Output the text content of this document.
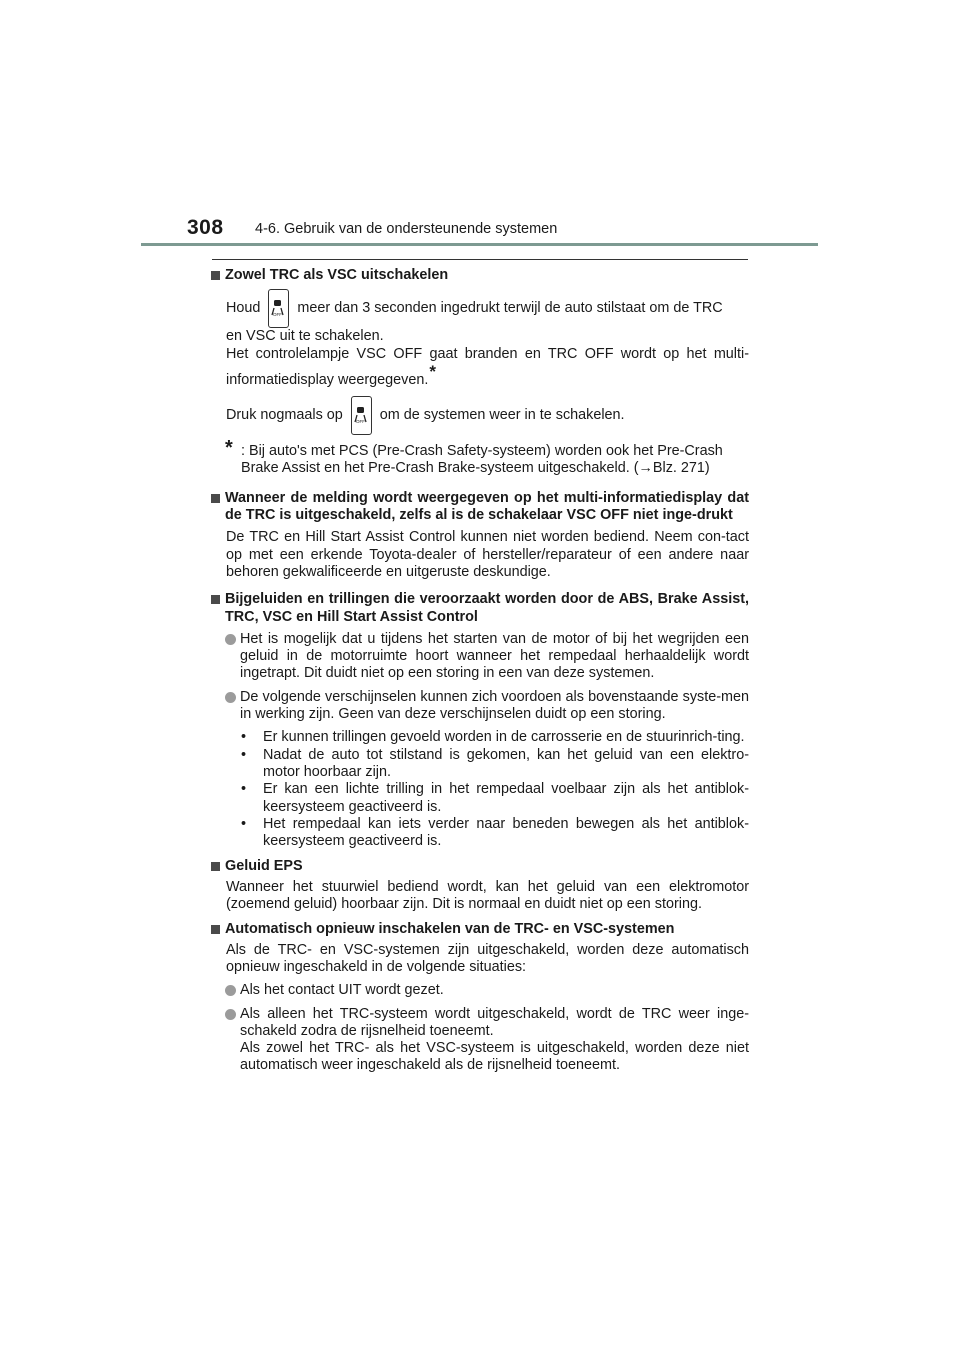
308 4-6. Gebruik van de ondersteunende systemen
Zowel TRC als VSC uitschakelen
Houd	OFF meer dan 3 seconden ingedrukt terwijl de auto stilstaat om de TRC
en VSC uit te schakelen.
Het controlelampje VSC OFF gaat branden en TRC OFF wordt op het multi-informatiedisplay weergegeven.*
Druk nogmaals op	OFF om de systemen weer in te schakelen.
* : Bij auto's met PCS (Pre-Crash Safety-systeem) worden ook het Pre-Crash Brake Assist en het Pre-Crash Brake-systeem uitgeschakeld. (→Blz. 271)
Wanneer de melding wordt weergegeven op het multi-informatiedisplay dat de TRC is uitgeschakeld, zelfs al is de schakelaar VSC OFF niet inge-drukt
De TRC en Hill Start Assist Control kunnen niet worden bediend. Neem con-tact op met een erkende Toyota-dealer of hersteller/reparateur of een andere naar behoren gekwalificeerde en uitgeruste deskundige.
Bijgeluiden en trillingen die veroorzaakt worden door de ABS, Brake Assist, TRC, VSC en Hill Start Assist Control
Het is mogelijk dat u tijdens het starten van de motor of bij het wegrijden een geluid in de motorruimte hoort wanneer het rempedaal herhaaldelijk wordt ingetrapt. Dit duidt niet op een storing in een van deze systemen.
De volgende verschijnselen kunnen zich voordoen als bovenstaande syste-men in werking zijn. Geen van deze verschijnselen duidt op een storing.
• Er kunnen trillingen gevoeld worden in de carrosserie en de stuurinrich-ting.
• Nadat de auto tot stilstand is gekomen, kan het geluid van een elektro-motor hoorbaar zijn.
• Er kan een lichte trilling in het rempedaal voelbaar zijn als het antiblok-keersysteem geactiveerd is.
• Het rempedaal kan iets verder naar beneden bewegen als het antiblok-keersysteem geactiveerd is.
Geluid EPS
Wanneer het stuurwiel bediend wordt, kan het geluid van een elektromotor (zoemend geluid) hoorbaar zijn. Dit is normaal en duidt niet op een storing.
Automatisch opnieuw inschakelen van de TRC- en VSC-systemen
Als de TRC- en VSC-systemen zijn uitgeschakeld, worden deze automatisch opnieuw ingeschakeld in de volgende situaties:
Als het contact UIT wordt gezet.
Als alleen het TRC-systeem wordt uitgeschakeld, wordt de TRC weer inge-schakeld zodra de rijsnelheid toeneemt.
Als zowel het TRC- als het VSC-systeem is uitgeschakeld, worden deze niet automatisch weer ingeschakeld als de rijsnelheid toeneemt.
